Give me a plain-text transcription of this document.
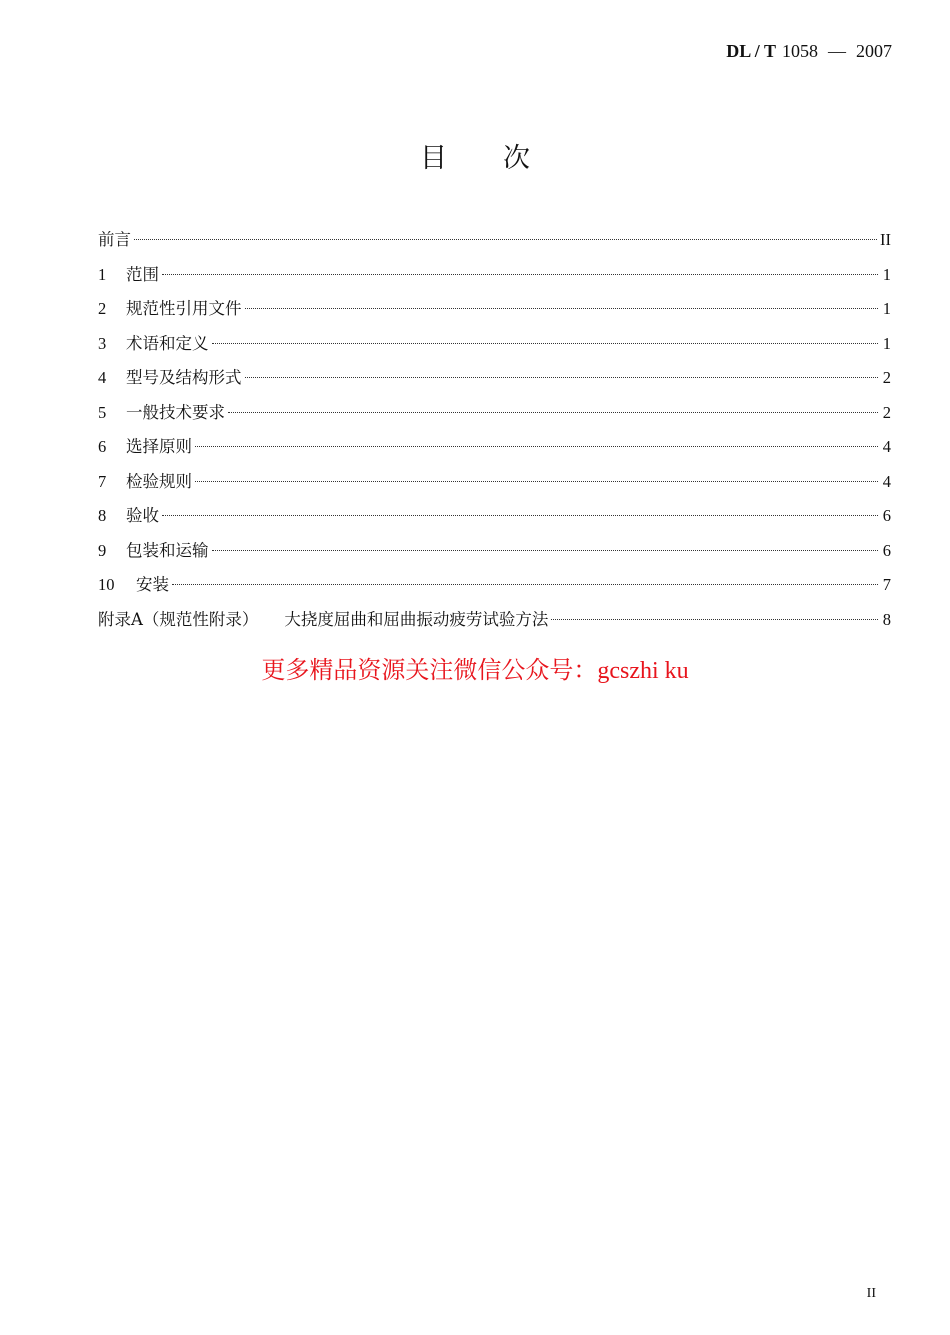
DL / T 1058 — 2007
目 次
前言	II
1	范围	1
2	规范性引用文件	1
3	术语和定义	1
4	型号及结构形式	2
5	一般技术要求	2
6	选择原则	4
7	检验规则	4
8	验收	6
9	包装和运输	6
10	安装	7
附录A（规范性附录） 大挠度屈曲和屈曲振动疲劳试验方法	8
更多精品资源关注微信公众号：gcszhi ku
II
